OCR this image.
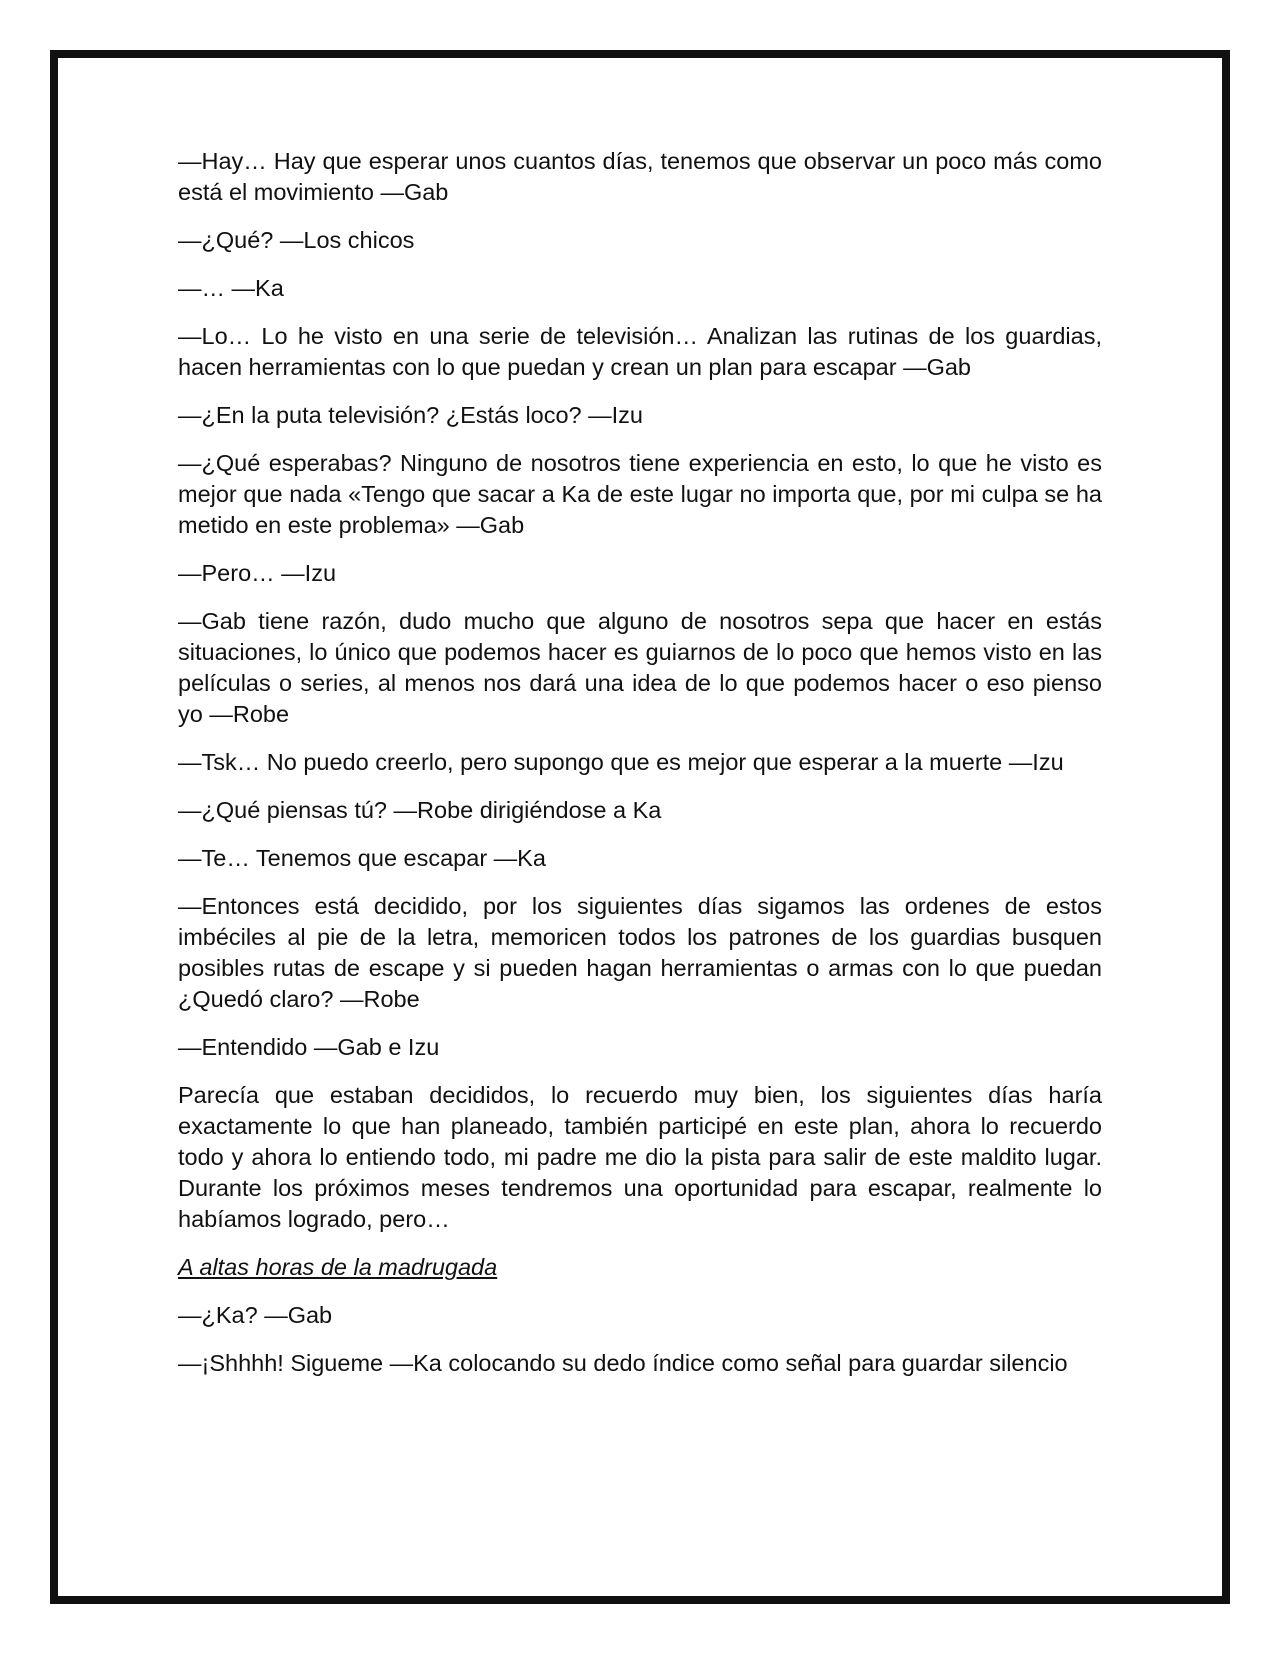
—Hay… Hay que esperar unos cuantos días, tenemos que observar un poco más como está el movimiento —Gab

—¿Qué? —Los chicos

—… —Ka

—Lo… Lo he visto en una serie de televisión… Analizan las rutinas de los guardias, hacen herramientas con lo que puedan y crean un plan para escapar —Gab

—¿En la puta televisión? ¿Estás loco? —Izu

—¿Qué esperabas? Ninguno de nosotros tiene experiencia en esto, lo que he visto es mejor que nada «Tengo que sacar a Ka de este lugar no importa que, por mi culpa se ha metido en este problema» —Gab

—Pero… —Izu

—Gab tiene razón, dudo mucho que alguno de nosotros sepa que hacer en estás situaciones, lo único que podemos hacer es guiarnos de lo poco que hemos visto en las películas o series, al menos nos dará una idea de lo que podemos hacer o eso pienso yo —Robe

—Tsk… No puedo creerlo, pero supongo que es mejor que esperar a la muerte —Izu

—¿Qué piensas tú? —Robe dirigiéndose a Ka

—Te… Tenemos que escapar —Ka

—Entonces está decidido, por los siguientes días sigamos las ordenes de estos imbéciles al pie de la letra, memoricen todos los patrones de los guardias busquen posibles rutas de escape y si pueden hagan herramientas o armas con lo que puedan ¿Quedó claro? —Robe

—Entendido —Gab e Izu

Parecía que estaban decididos, lo recuerdo muy bien, los siguientes días haría exactamente lo que han planeado, también participé en este plan, ahora lo recuerdo todo y ahora lo entiendo todo, mi padre me dio la pista para salir de este maldito lugar. Durante los próximos meses tendremos una oportunidad para escapar, realmente lo habíamos logrado, pero…

A altas horas de la madrugada

—¿Ka? —Gab

—¡Shhhh! Sigueme —Ka colocando su dedo índice como señal para guardar silencio
